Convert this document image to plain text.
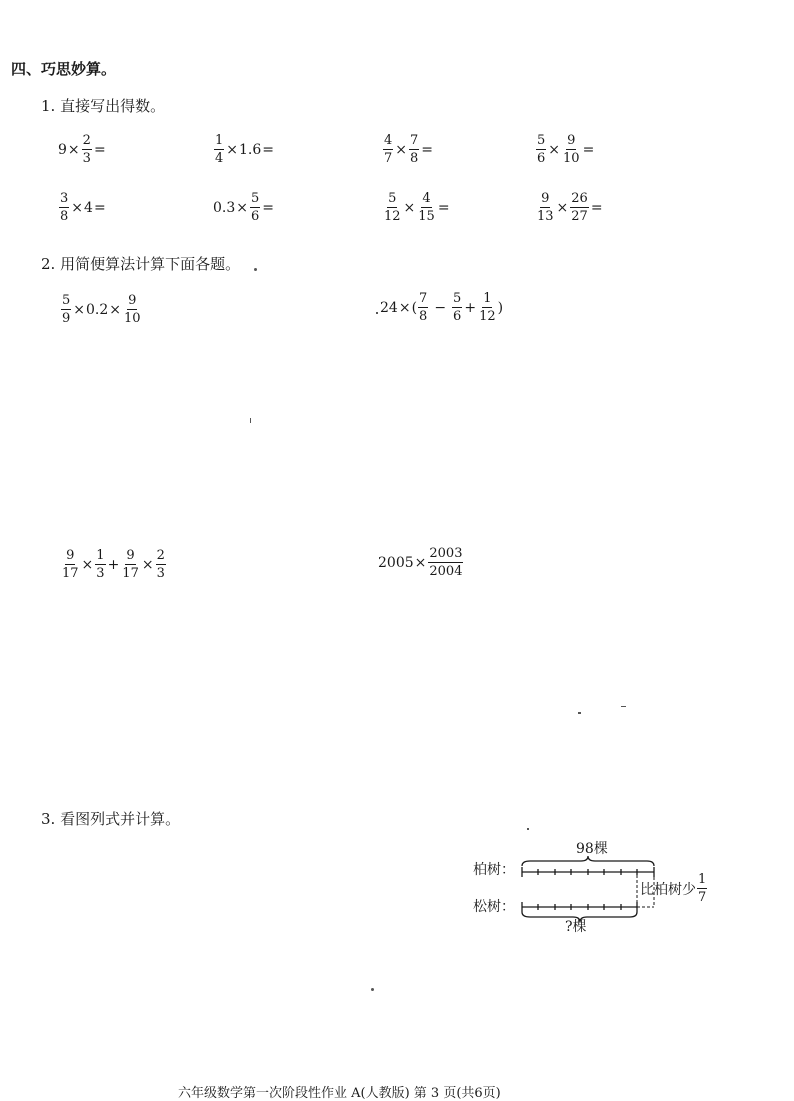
四、巧思妙算。
1. 直接写出得数。
$9 \times \frac{2}{3}$ =	$\frac{1}{4} \times 1.6$ =	$\frac{4}{7} \times \frac{7}{8}$ =	$\frac{5}{6} \times \frac{9}{10}$ =
$\frac{3}{8} \times 4$ =	$0.3 \times \frac{5}{6}$ =	$\frac{5}{12} \times \frac{4}{15}$ =	$\frac{9}{13} \times \frac{26}{27}$ =
2. 用简便算法计算下面各题。
$\frac{5}{9} \times 0.2 \times \frac{9}{10}$	24 × ( $\frac{7}{8} - \frac{5}{6} + \frac{1}{12}$ )
$\frac{9}{17} \times \frac{1}{3} + \frac{9}{17} \times \frac{2}{3}$	$2005 \times \frac{2003}{2004}$
3. 看图列式并计算。
98棵
柏树：
松树：
?棵
比柏树少 $\frac{1}{7}$
六年级数学第一次阶段性作业 A(人教版) 第 3 页(共6页)
